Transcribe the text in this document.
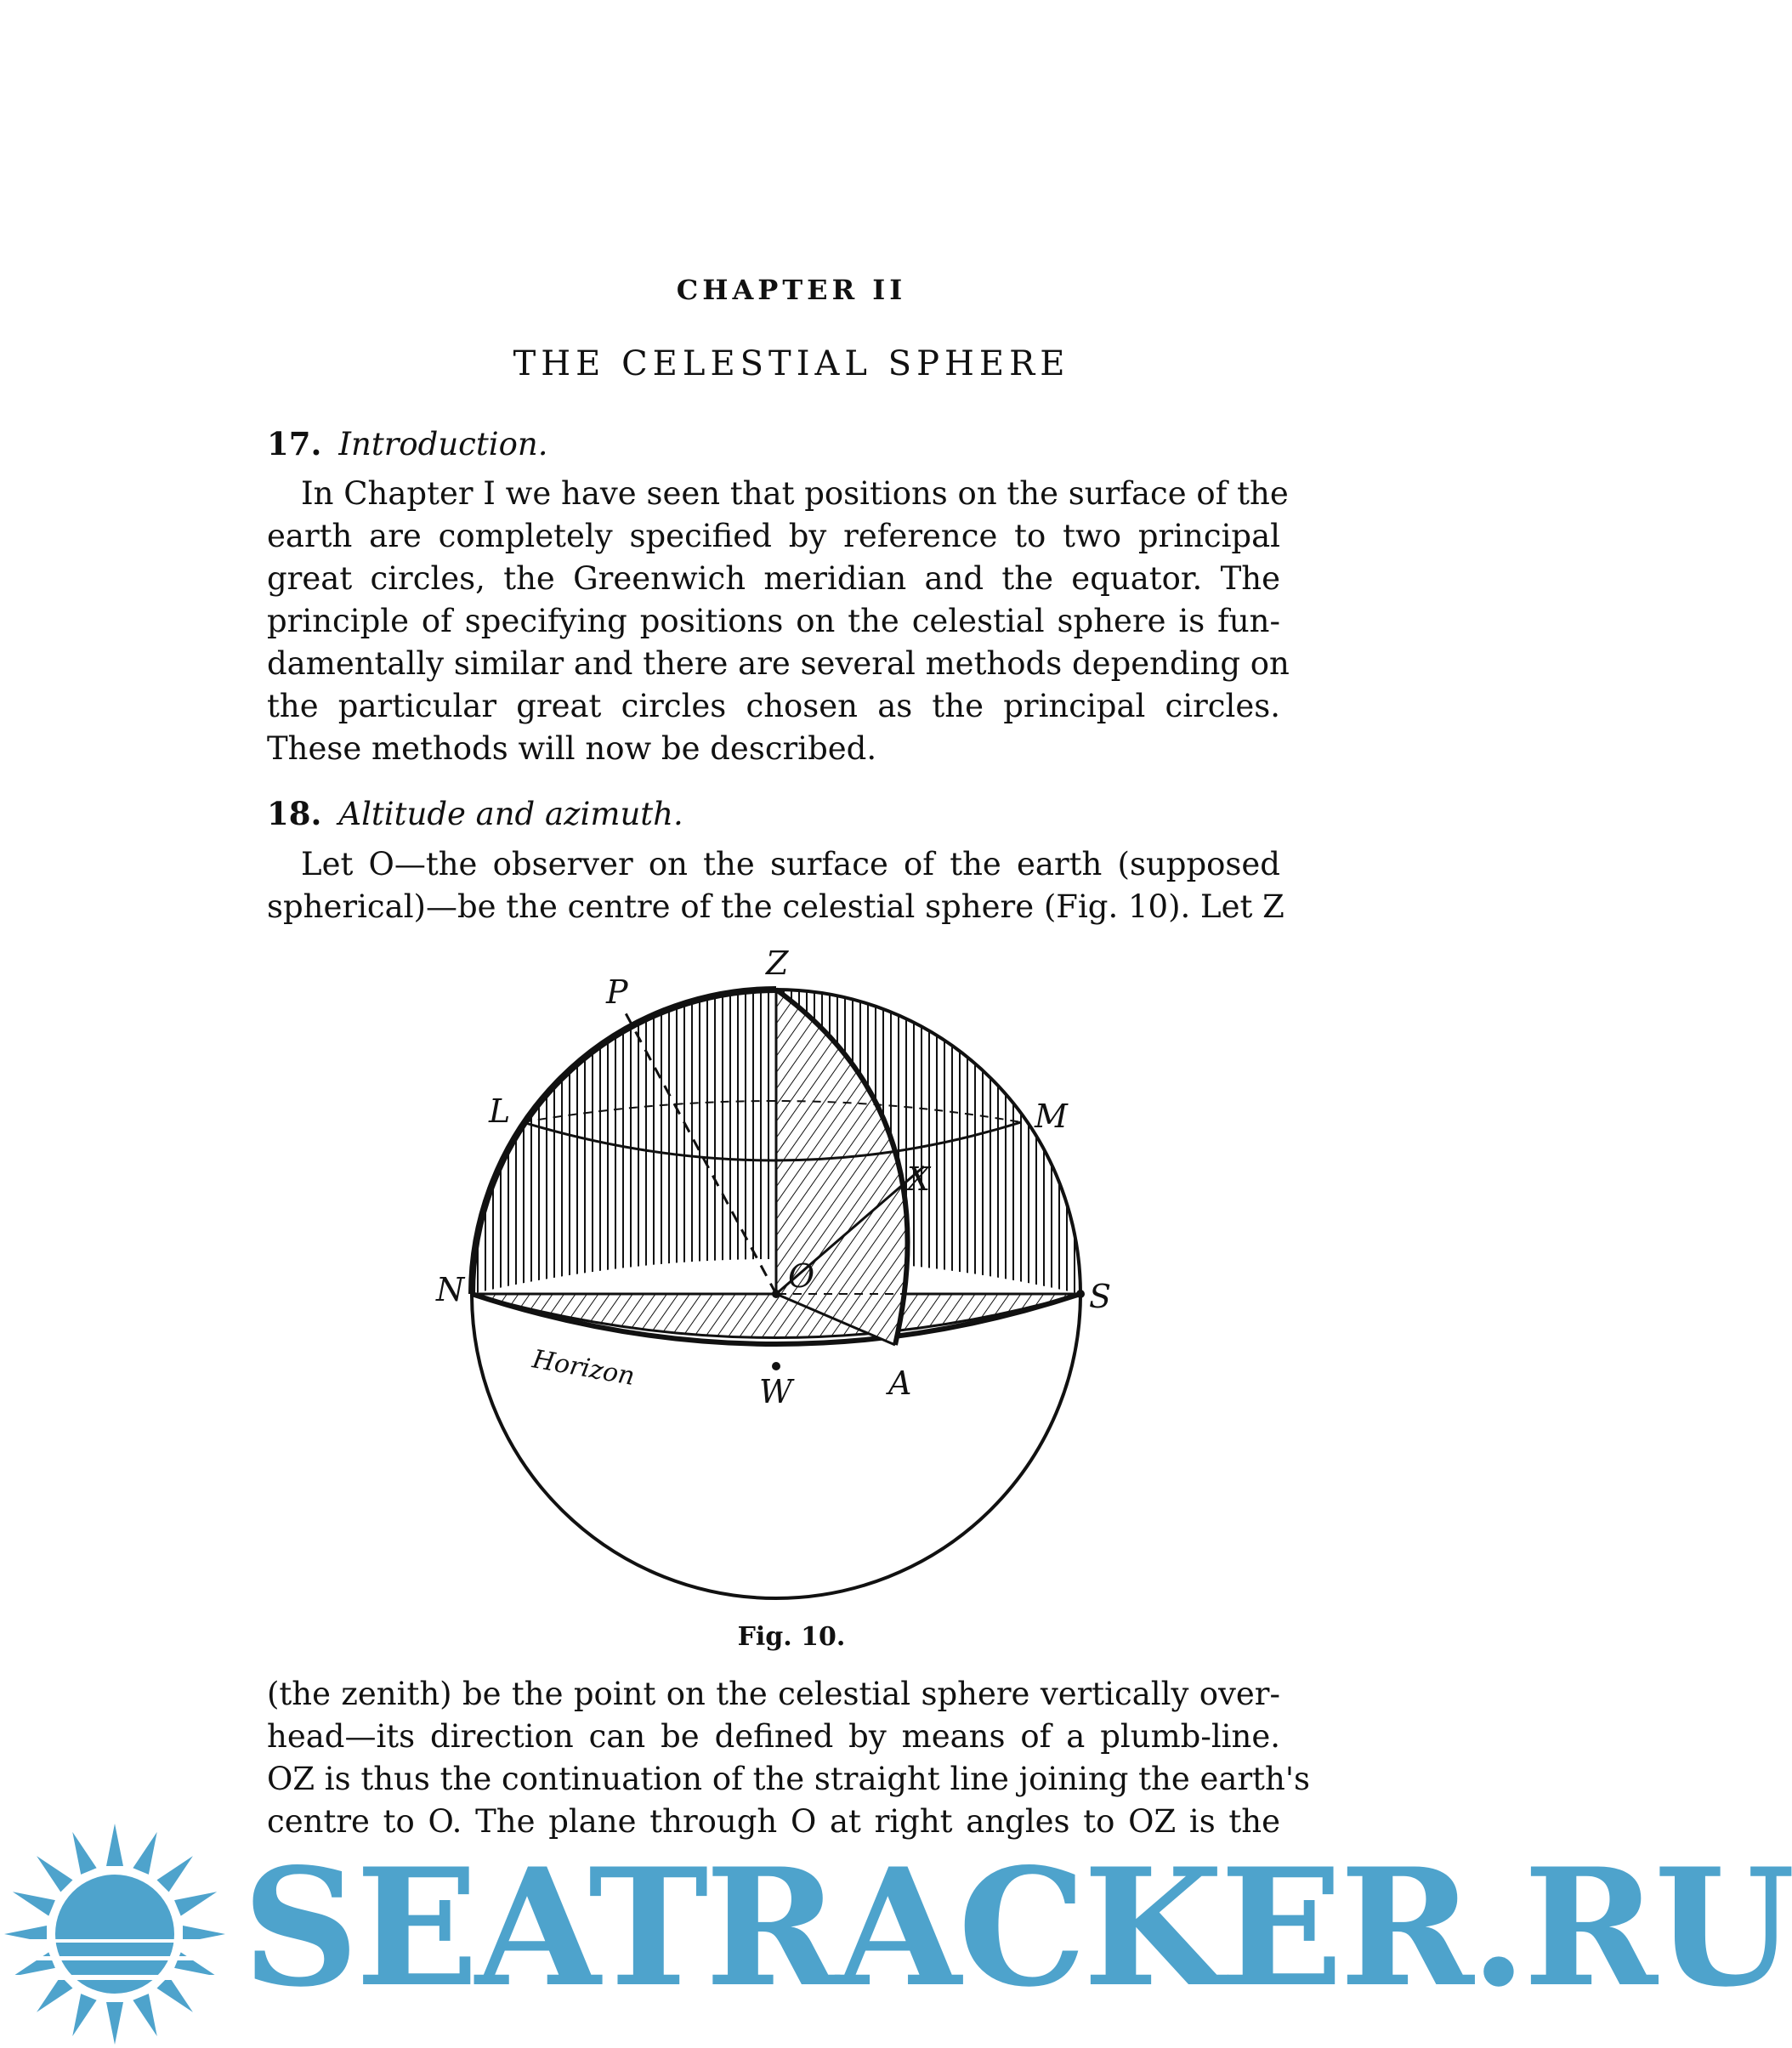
CHAPTER II
THE CELESTIAL SPHERE
17. Introduction.
In Chapter I we have seen that positions on the surface of the
earth are completely specified by reference to two principal
great circles, the Greenwich meridian and the equator. The
principle of specifying positions on the celestial sphere is fun-
damentally similar and there are several methods depending on
the particular great circles chosen as the principal circles.
These methods will now be described.
18. Altitude and azimuth.
Let O—the observer on the surface of the earth (supposed
spherical)—be the centre of the celestial sphere (Fig. 10). Let Z
Z
P
L	M
X
N	O
S
W	A
Horizon
Fig. 10.
(the zenith) be the point on the celestial sphere vertically over-
head—its direction can be defined by means of a plumb-line.
OZ is thus the continuation of the straight line joining the earth's
centre to O. The plane through O at right angles to OZ is the
SEATRACKER.RU
